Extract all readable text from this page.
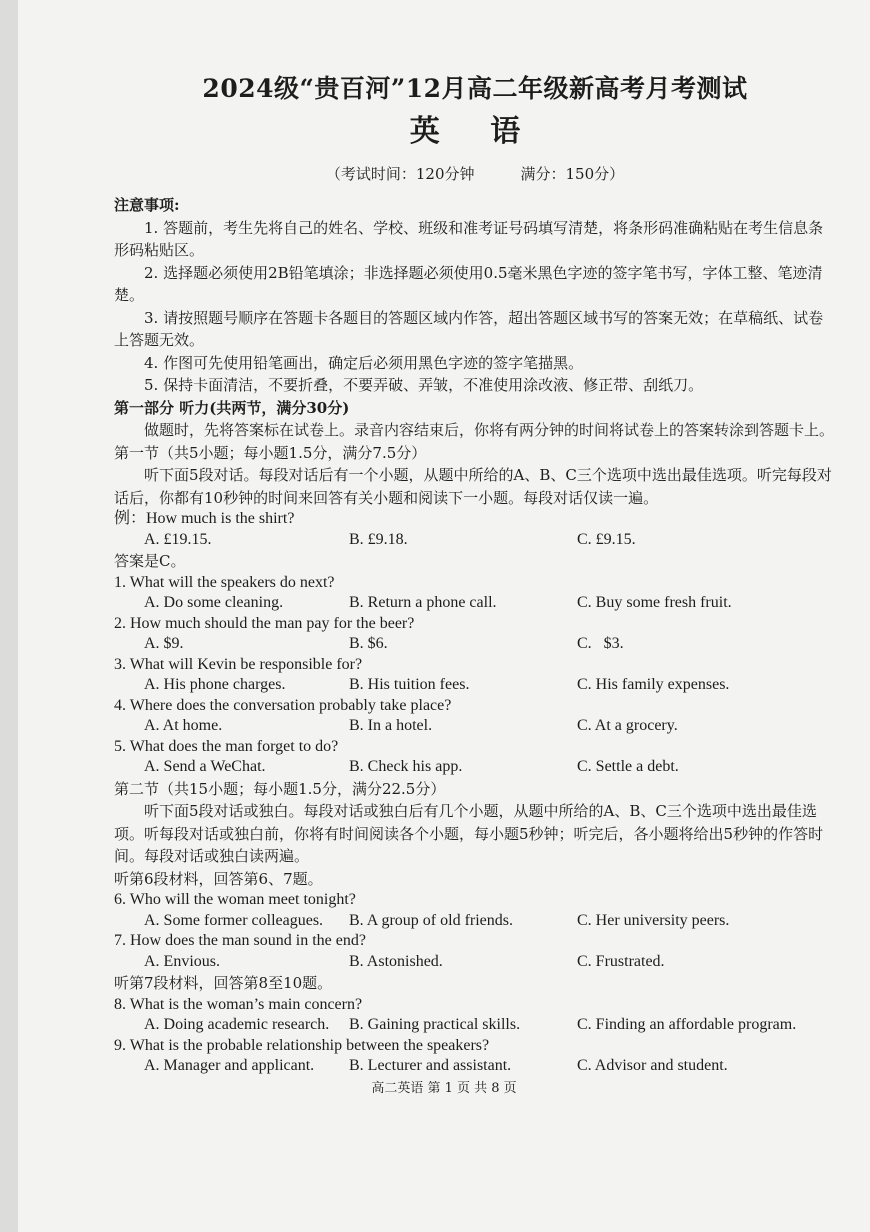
2024级“贵百河”12月高二年级新高考月考测试
英 语
（考试时间：120分钟	满分：150分）
注意事项:
1. 答题前，考生先将自己的姓名、学校、班级和准考证号码填写清楚，将条形码准确粘贴在考生信息条形码粘贴区。
2. 选择题必须使用2B铅笔填涂；非选择题必须使用0.5毫米黑色字迹的签字笔书写，字体工整、笔迹清楚。
3. 请按照题号顺序在答题卡各题目的答题区域内作答，超出答题区域书写的答案无效；在草稿纸、试卷上答题无效。
4. 作图可先使用铅笔画出，确定后必须用黑色字迹的签字笔描黑。
5. 保持卡面清洁，不要折叠，不要弄破、弄皱，不准使用涂改液、修正带、刮纸刀。
第一部分 听力(共两节，满分30分)
做题时，先将答案标在试卷上。录音内容结束后，你将有两分钟的时间将试卷上的答案转涂到答题卡上。
第一节（共5小题；每小题1.5分，满分7.5分）
听下面5段对话。每段对话后有一个小题，从题中所给的A、B、C三个选项中选出最佳选项。听完每段对话后，你都有10秒钟的时间来回答有关小题和阅读下一小题。每段对话仅读一遍。
例：How much is the shirt?
A. £19.15.	B. £9.18.	C. £9.15.
答案是C。
1. What will the speakers do next?
A. Do some cleaning.	B. Return a phone call.	C. Buy some fresh fruit.
2. How much should the man pay for the beer?
A. $9.	B. $6.	C.   $3.
3. What will Kevin be responsible for?
A. His phone charges.	B. His tuition fees.	C. His family expenses.
4. Where does the conversation probably take place?
A. At home.	B. In a hotel.	C. At a grocery.
5. What does the man forget to do?
A. Send a WeChat.	B. Check his app.	C. Settle a debt.
第二节（共15小题；每小题1.5分，满分22.5分）
听下面5段对话或独白。每段对话或独白后有几个小题，从题中所给的A、B、C三个选项中选出最佳选项。听每段对话或独白前，你将有时间阅读各个小题，每小题5秒钟；听完后，各小题将给出5秒钟的作答时间。每段对话或独白读两遍。
听第6段材料，回答第6、7题。
6. Who will the woman meet tonight?
A. Some former colleagues.	B. A group of old friends.	C. Her university peers.
7. How does the man sound in the end?
A. Envious.	B. Astonished.	C. Frustrated.
听第7段材料，回答第8至10题。
8. What is the woman’s main concern?
A. Doing academic research.	B. Gaining practical skills.	C. Finding an affordable program.
9. What is the probable relationship between the speakers?
A. Manager and applicant.	B. Lecturer and assistant.	C. Advisor and student.
高二英语 第 1 页 共 8 页
